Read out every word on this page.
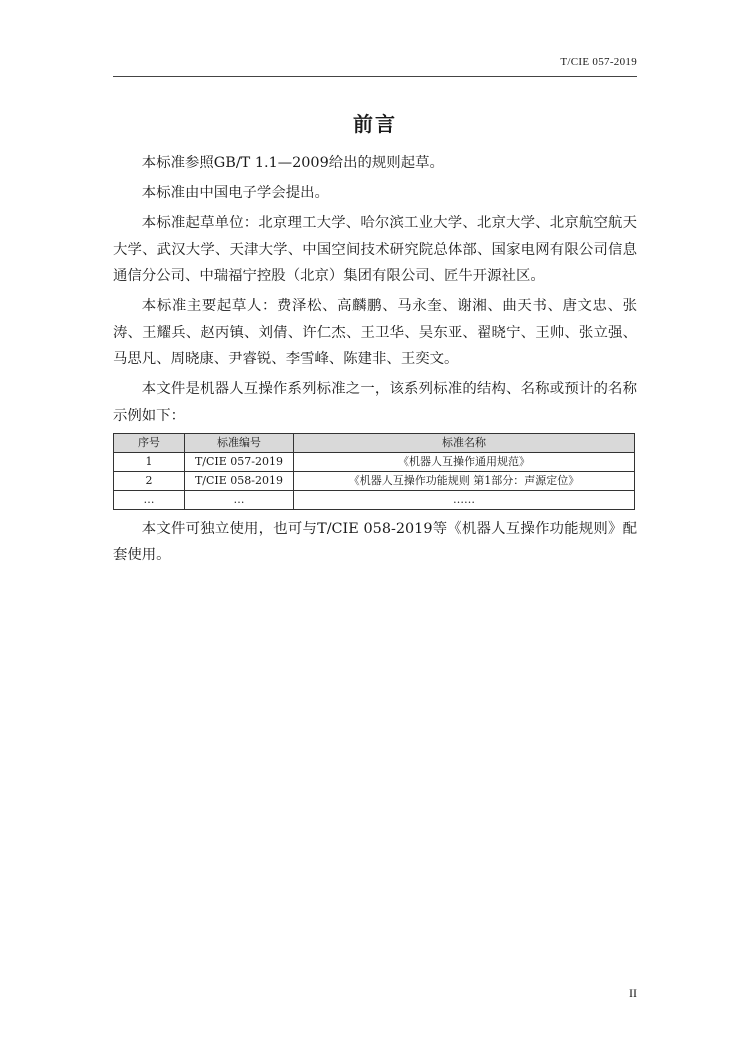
T/CIE 057-2019
前言

本标准参照GB/T 1.1—2009给出的规则起草。

本标准由中国电子学会提出。

本标准起草单位：北京理工大学、哈尔滨工业大学、北京大学、北京航空航天大学、武汉大学、天津大学、中国空间技术研究院总体部、国家电网有限公司信息通信分公司、中瑞福宁控股（北京）集团有限公司、匠牛开源社区。

本标准主要起草人：费泽松、高麟鹏、马永奎、谢湘、曲天书、唐文忠、张涛、王耀兵、赵丙镇、刘倩、许仁杰、王卫华、吴东亚、翟晓宁、王帅、张立强、马思凡、周晓康、尹睿锐、李雪峰、陈建非、王奕文。

本文件是机器人互操作系列标准之一，该系列标准的结构、名称或预计的名称示例如下：

序号	标准编号	标准名称
1	T/CIE 057-2019	《机器人互操作通用规范》
2	T/CIE 058-2019	《机器人互操作功能规则 第1部分：声源定位》
…	…	……

本文件可独立使用，也可与T/CIE 058-2019等《机器人互操作功能规则》配套使用。

II
